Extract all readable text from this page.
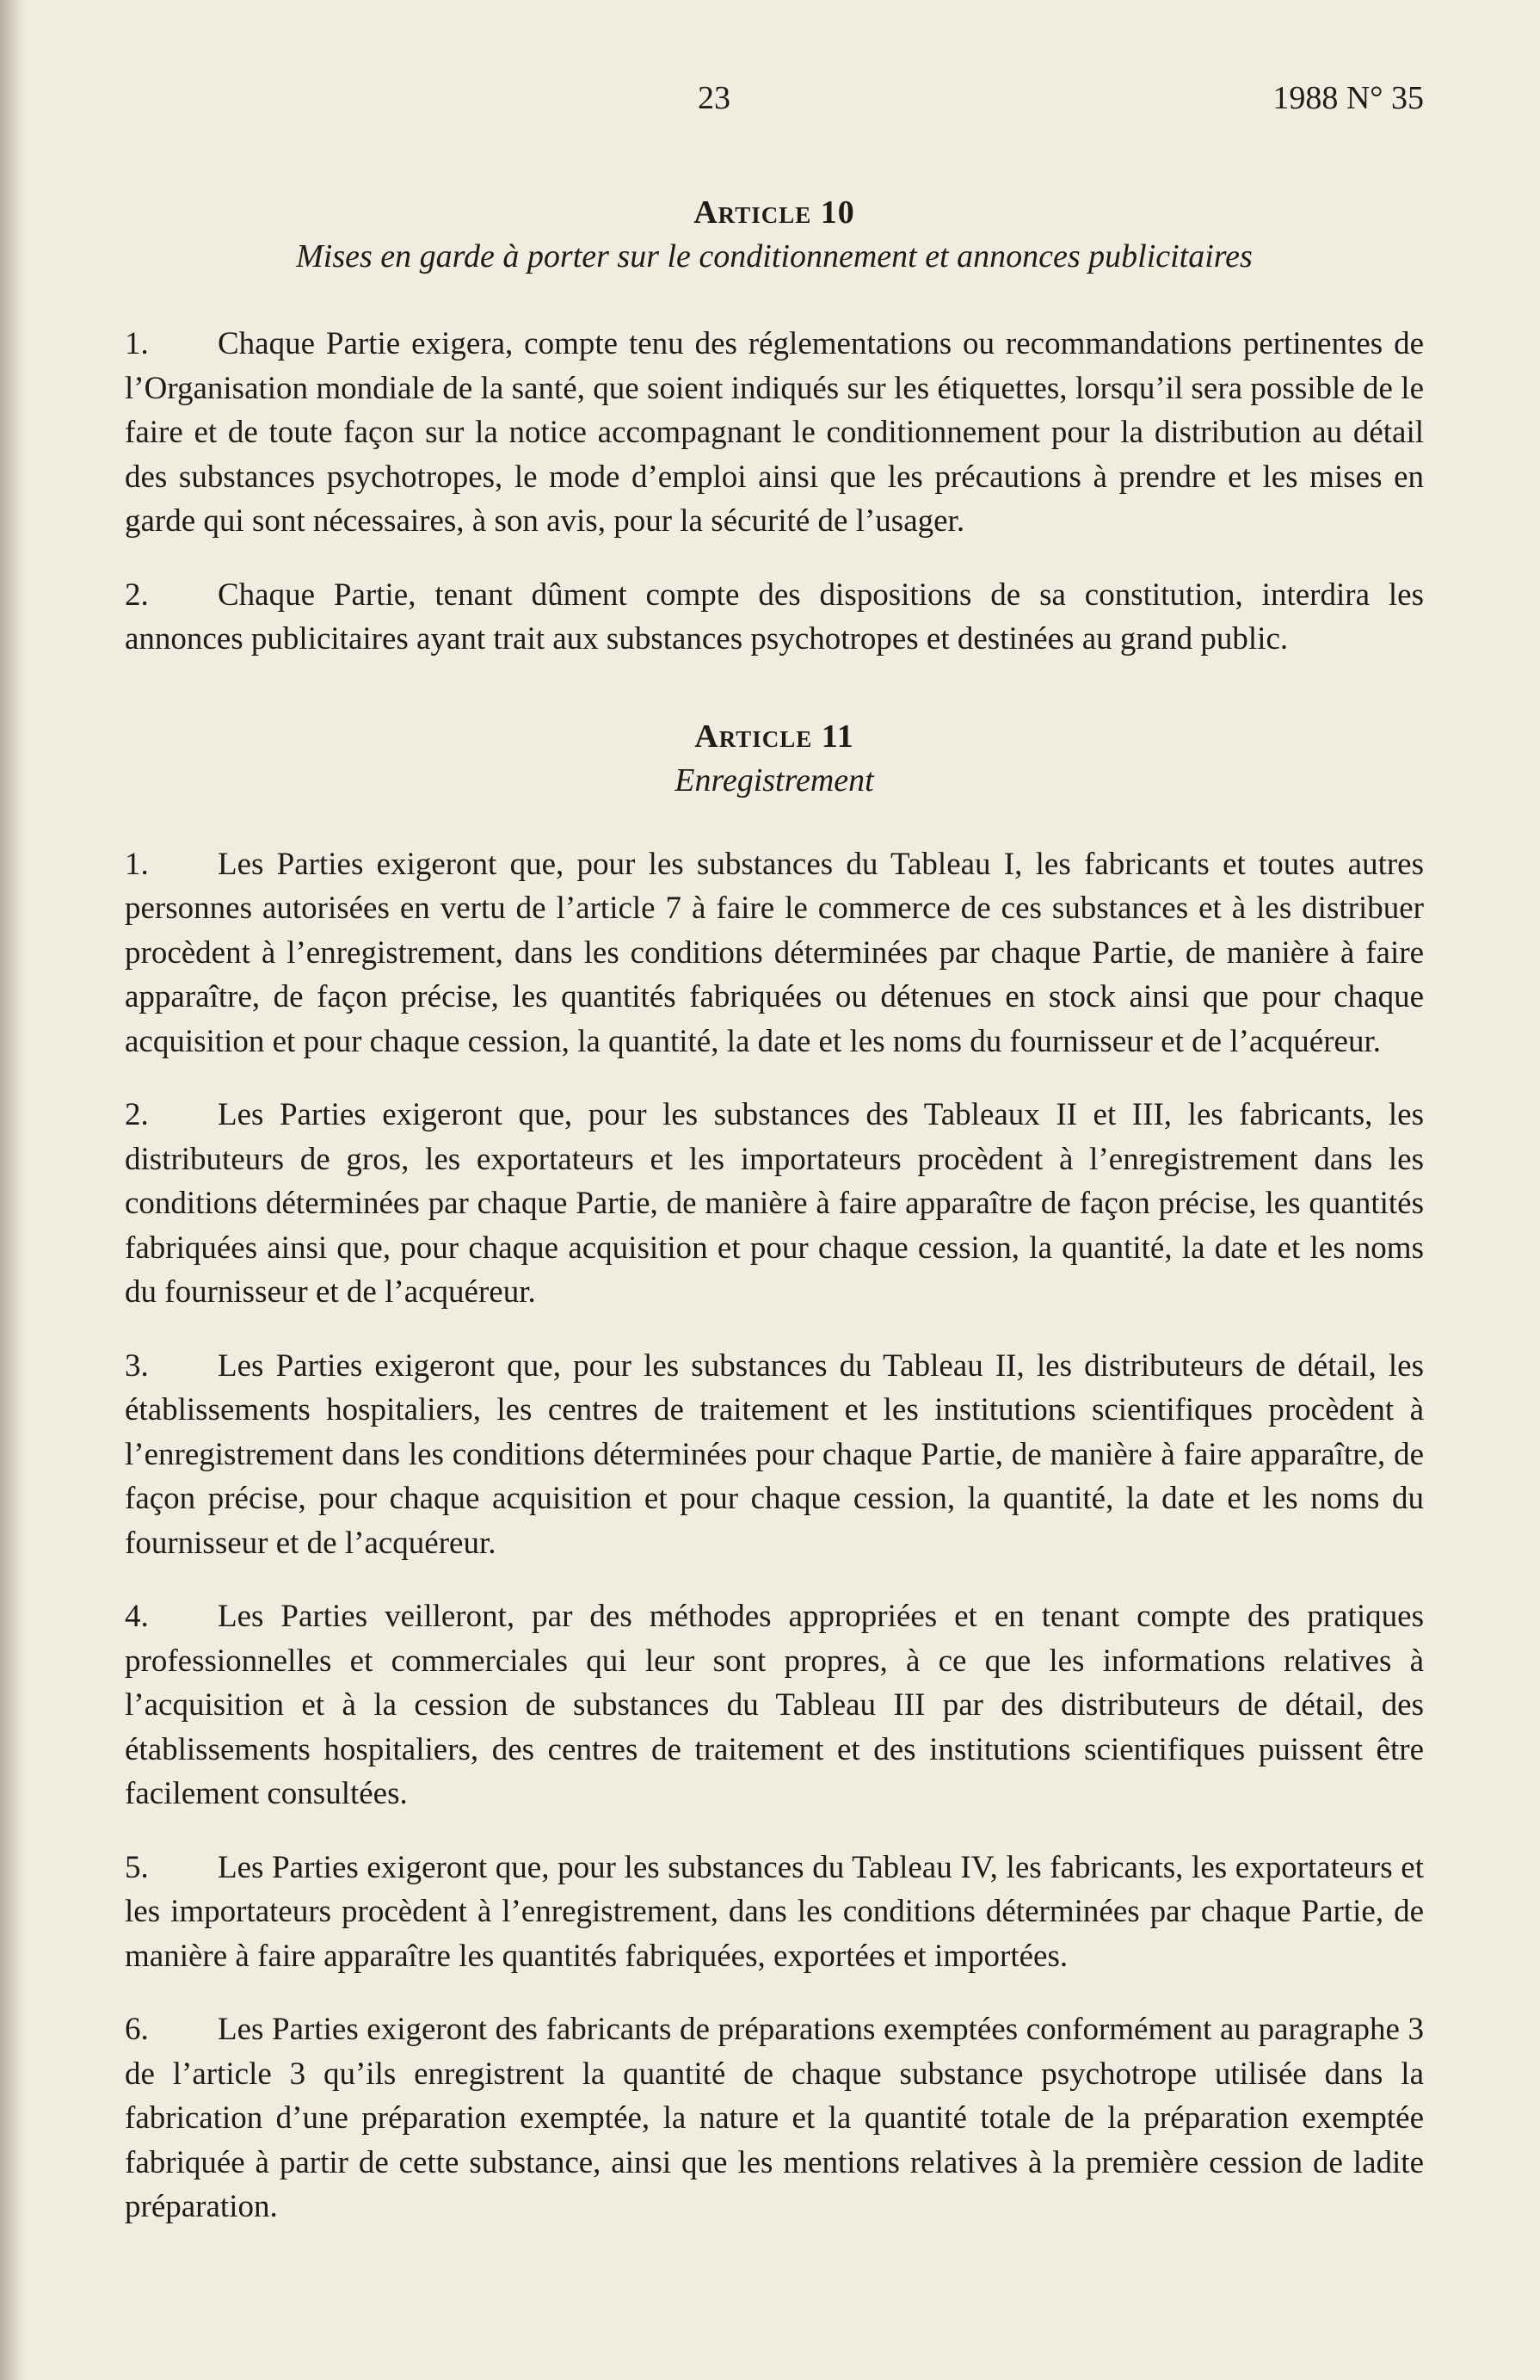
23	1988 N° 35
Article 10

Mises en garde à porter sur le conditionnement et annonces publicitaires

1. Chaque Partie exigera, compte tenu des réglementations ou recommandations pertinentes de l’Organisation mondiale de la santé, que soient indiqués sur les étiquettes, lorsqu’il sera possible de le faire et de toute façon sur la notice accompagnant le conditionnement pour la distribution au détail des substances psychotropes, le mode d’emploi ainsi que les précautions à prendre et les mises en garde qui sont nécessaires, à son avis, pour la sécurité de l’usager.

2. Chaque Partie, tenant dûment compte des dispositions de sa constitution, interdira les annonces publicitaires ayant trait aux substances psychotropes et destinées au grand public.

Article 11

Enregistrement

1. Les Parties exigeront que, pour les substances du Tableau I, les fabricants et toutes autres personnes autorisées en vertu de l’article 7 à faire le commerce de ces substances et à les distribuer procèdent à l’enregistrement, dans les conditions déterminées par chaque Partie, de manière à faire apparaître, de façon précise, les quantités fabriquées ou détenues en stock ainsi que pour chaque acquisition et pour chaque cession, la quantité, la date et les noms du fournisseur et de l’acquéreur.

2. Les Parties exigeront que, pour les substances des Tableaux II et III, les fabricants, les distributeurs de gros, les exportateurs et les importateurs procèdent à l’enregistrement dans les conditions déterminées par chaque Partie, de manière à faire apparaître de façon précise, les quantités fabriquées ainsi que, pour chaque acquisition et pour chaque cession, la quantité, la date et les noms du fournisseur et de l’acquéreur.

3. Les Parties exigeront que, pour les substances du Tableau II, les distributeurs de détail, les établissements hospitaliers, les centres de traitement et les institutions scientifiques procèdent à l’enregistrement dans les conditions déterminées pour chaque Partie, de manière à faire apparaître, de façon précise, pour chaque acquisition et pour chaque cession, la quantité, la date et les noms du fournisseur et de l’acquéreur.

4. Les Parties veilleront, par des méthodes appropriées et en tenant compte des pratiques professionnelles et commerciales qui leur sont propres, à ce que les informations relatives à l’acquisition et à la cession de substances du Tableau III par des distributeurs de détail, des établissements hospitaliers, des centres de traitement et des institutions scientifiques puissent être facilement consultées.

5. Les Parties exigeront que, pour les substances du Tableau IV, les fabricants, les exportateurs et les importateurs procèdent à l’enregistrement, dans les conditions déterminées par chaque Partie, de manière à faire apparaître les quantités fabriquées, exportées et importées.

6. Les Parties exigeront des fabricants de préparations exemptées conformément au paragraphe 3 de l’article 3 qu’ils enregistrent la quantité de chaque substance psychotrope utilisée dans la fabrication d’une préparation exemptée, la nature et la quantité totale de la préparation exemptée fabriquée à partir de cette substance, ainsi que les mentions relatives à la première cession de ladite préparation.
